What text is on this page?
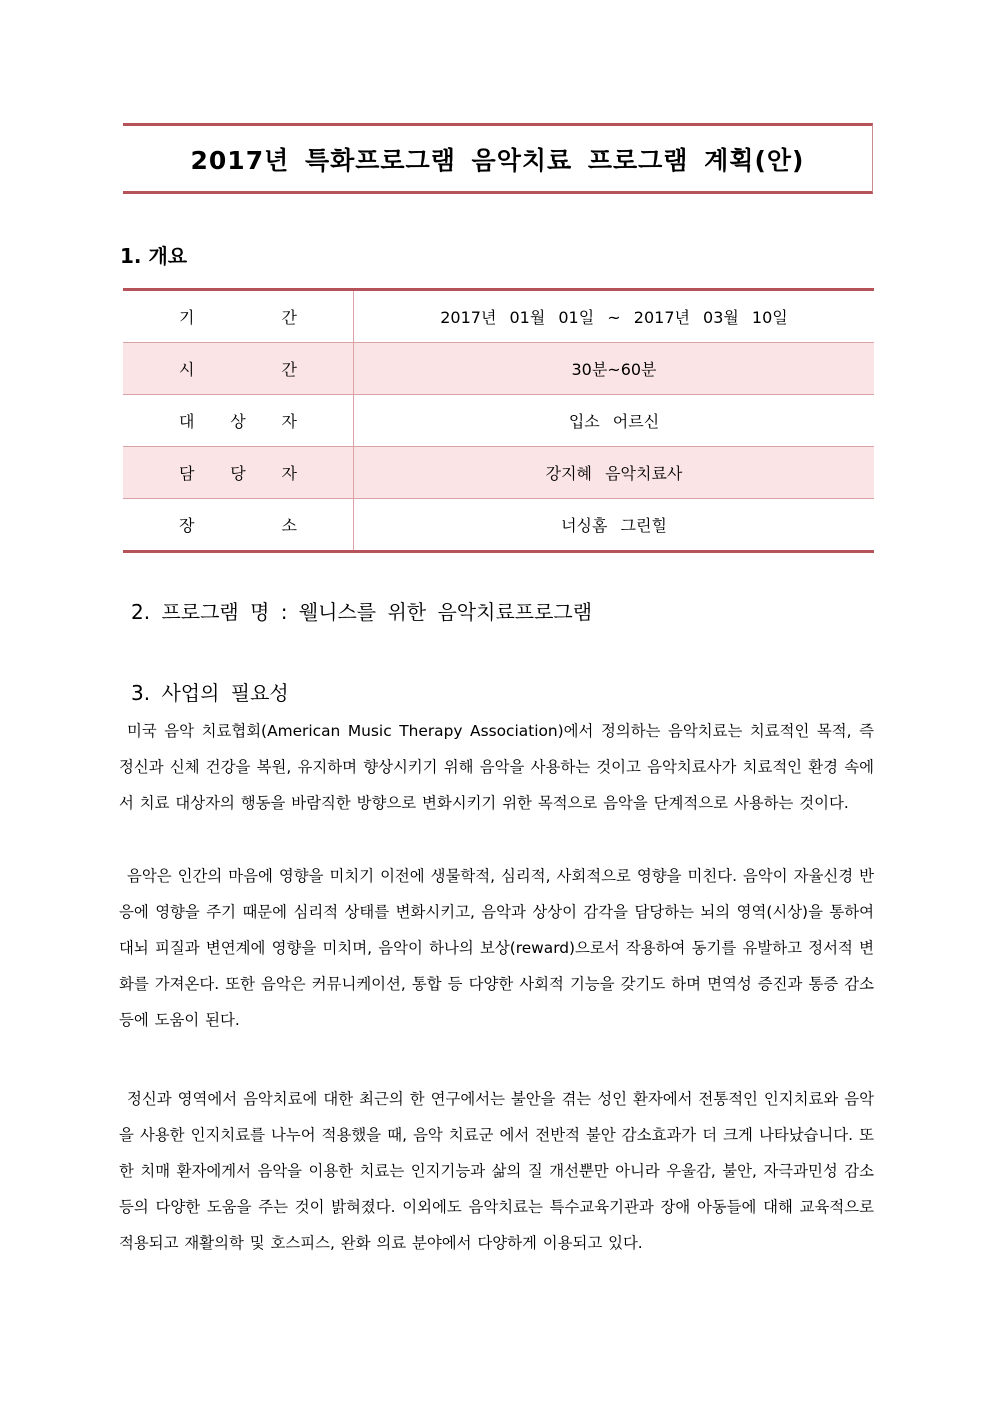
2017년 특화프로그램 음악치료 프로그램 계획(안)
1. 개요
기 간	2017년 01월 01일 ~ 2017년 03월 10일

시 간	30분~60분

대 상 자	입소 어르신

담 당 자	강지혜 음악치료사

장 소	너싱홈 그린힐
2. 프로그램 명 : 웰니스를 위한 음악치료프로그램
3. 사업의 필요성

미국 음악 치료협회(American Music Therapy Association)에서 정의하는 음악치료는 치료적인 목적, 즉 정신과 신체 건강을 복원, 유지하며 향상시키기 위해 음악을 사용하는 것이고 음악치료사가 치료적인 환경 속에서 치료 대상자의 행동을 바람직한 방향으로 변화시키기 위한 목적으로 음악을 단계적으로 사용하는 것이다.

음악은 인간의 마음에 영향을 미치기 이전에 생물학적, 심리적, 사회적으로 영향을 미친다. 음악이 자율신경 반응에 영향을 주기 때문에 심리적 상태를 변화시키고, 음악과 상상이 감각을 담당하는 뇌의 영역(시상)을 통하여 대뇌 피질과 변연계에 영향을 미치며, 음악이 하나의 보상(reward)으로서 작용하여 동기를 유발하고 정서적 변화를 가져온다. 또한 음악은 커뮤니케이션, 통합 등 다양한 사회적 기능을 갖기도 하며 면역성 증진과 통증 감소 등에 도움이 된다.

정신과 영역에서 음악치료에 대한 최근의 한 연구에서는 불안을 겪는 성인 환자에서 전통적인 인지치료와 음악을 사용한 인지치료를 나누어 적용했을 때, 음악 치료군 에서 전반적 불안 감소효과가 더 크게 나타났습니다. 또한 치매 환자에게서 음악을 이용한 치료는 인지기능과 삶의 질 개선뿐만 아니라 우울감, 불안, 자극과민성 감소 등의 다양한 도움을 주는 것이 밝혀졌다. 이외에도 음악치료는 특수교육기관과 장애 아동들에 대해 교육적으로 적용되고 재활의학 및 호스피스, 완화 의료 분야에서 다양하게 이용되고 있다.
